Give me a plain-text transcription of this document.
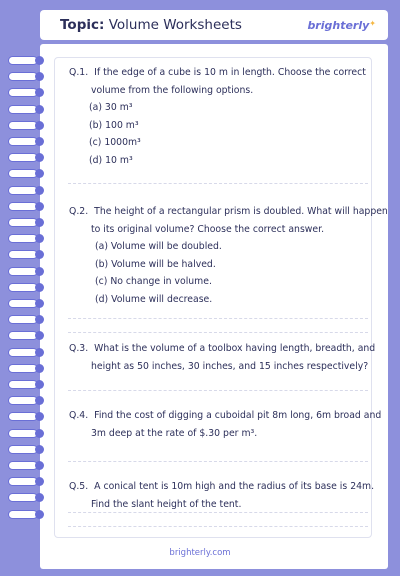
Topic: Volume Worksheets	brighterly✦
Q.1. If the edge of a cube is 10 m in length. Choose the correct
volume from the following options.
(a) 30 m³
(b) 100 m³
(c) 1000m³
(d) 10 m³
Q.2. The height of a rectangular prism is doubled. What will happen
to its original volume? Choose the correct answer.
(a) Volume will be doubled.
(b) Volume will be halved.
(c) No change in volume.
(d) Volume will decrease.
Q.3. What is the volume of a toolbox having length, breadth, and
height as 50 inches, 30 inches, and 15 inches respectively?
Q.4. Find the cost of digging a cuboidal pit 8m long, 6m broad and
3m deep at the rate of $.30 per m³.
Q.5. A conical tent is 10m high and the radius of its base is 24m.
Find the slant height of the tent.
brighterly.com
